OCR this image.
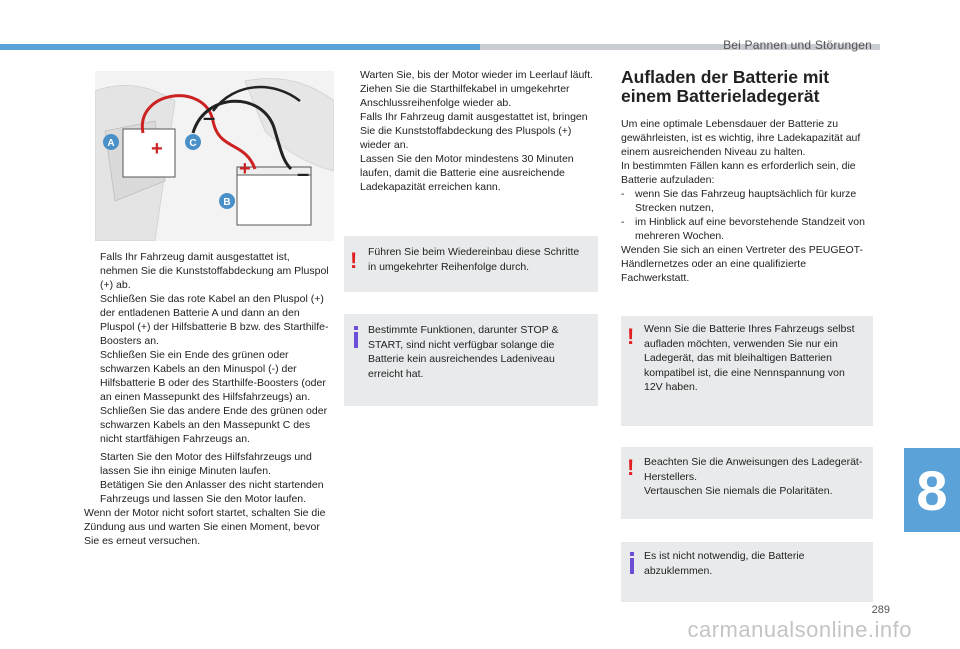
Bei Pannen und Störungen
+
+
–
–
A	C
B
Falls Ihr Fahrzeug damit ausgestattet ist, nehmen Sie die Kunststoffabdeckung am Pluspol (+) ab.
Schließen Sie das rote Kabel an den Pluspol (+) der entladenen Batterie A und dann an den Pluspol (+) der Hilfsbatterie B bzw. des Starthilfe-Boosters an.
Schließen Sie ein Ende des grünen oder schwarzen Kabels an den Minuspol (-) der Hilfsbatterie B oder des Starthilfe-Boosters (oder an einen Massepunkt des Hilfsfahrzeugs) an.
Schließen Sie das andere Ende des grünen oder schwarzen Kabels an den Massepunkt C des nicht startfähigen Fahrzeugs an.
Starten Sie den Motor des Hilfsfahrzeugs und lassen Sie ihn einige Minuten laufen.
Betätigen Sie den Anlasser des nicht startenden Fahrzeugs und lassen Sie den Motor laufen.
Wenn der Motor nicht sofort startet, schalten Sie die Zündung aus und warten Sie einen Moment, bevor Sie es erneut versuchen.
Warten Sie, bis der Motor wieder im Leerlauf läuft.
Ziehen Sie die Starthilfekabel in umgekehrter Anschlussreihenfolge wieder ab.
Falls Ihr Fahrzeug damit ausgestattet ist, bringen Sie die Kunststoffabdeckung des Pluspols (+) wieder an.
Lassen Sie den Motor mindestens 30 Minuten laufen, damit die Batterie eine ausreichende Ladekapazität erreichen kann.
! Führen Sie beim Wiedereinbau diese Schritte in umgekehrter Reihenfolge durch.
Bestimmte Funktionen, darunter STOP & START, sind nicht verfügbar solange die Batterie kein ausreichendes Ladeniveau erreicht hat.
Aufladen der Batterie mit einem Batterieladegerät
Um eine optimale Lebensdauer der Batterie zu gewährleisten, ist es wichtig, ihre Ladekapazität auf einem ausreichenden Niveau zu halten.
In bestimmten Fällen kann es erforderlich sein, die Batterie aufzuladen:
-	wenn Sie das Fahrzeug hauptsächlich für kurze Strecken nutzen,
-	im Hinblick auf eine bevorstehende Standzeit von mehreren Wochen.
Wenden Sie sich an einen Vertreter des PEUGEOT-Händlernetzes oder an eine qualifizierte Fachwerkstatt.
! Wenn Sie die Batterie Ihres Fahrzeugs selbst aufladen möchten, verwenden Sie nur ein Ladegerät, das mit bleihaltigen Batterien kompatibel ist, die eine Nennspannung von 12V haben.
! Beachten Sie die Anweisungen des Ladegerät-Herstellers.
Vertauschen Sie niemals die Polaritäten.
Es ist nicht notwendig, die Batterie abzuklemmen.
8
289
carmanualsonline.info
